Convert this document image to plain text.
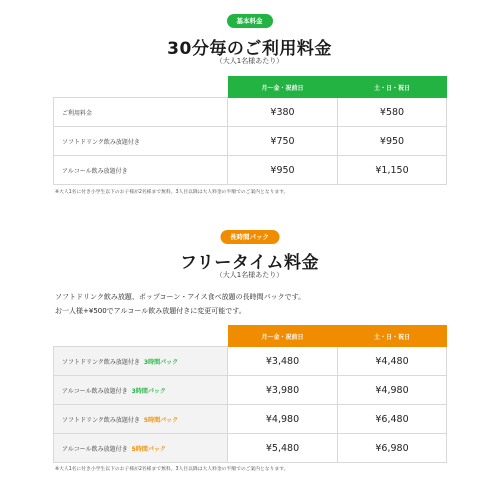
基本料金
30分毎のご利用料金
（大人1名様あたり）
	月～金・祝前日	土・日・祝日
ご利用料金	¥380	¥580
ソフトドリンク飲み放題付き	¥750	¥950
アルコール飲み放題付き	¥950	¥1,150
※大人1名に付き小学生以下のお子様が2名様まで無料。3人目以降は大人料金の半額でのご案内となります。
長時間パック
フリータイム料金
（大人1名様あたり）
ソフトドリンク飲み放題、ポップコーン・アイス食べ放題の長時間パックです。
お一人様+¥500でアルコール飲み放題付きに変更可能です。
	月～金・祝前日	土・日・祝日
ソフトドリンク飲み放題付き 3時間パック	¥3,480	¥4,480
アルコール飲み放題付き 3時間パック	¥3,980	¥4,980
ソフトドリンク飲み放題付き 5時間パック	¥4,980	¥6,480
アルコール飲み放題付き 5時間パック	¥5,480	¥6,980
※大人1名に付き小学生以下のお子様が2名様まで無料。3人目以降は大人料金の半額でのご案内となります。
